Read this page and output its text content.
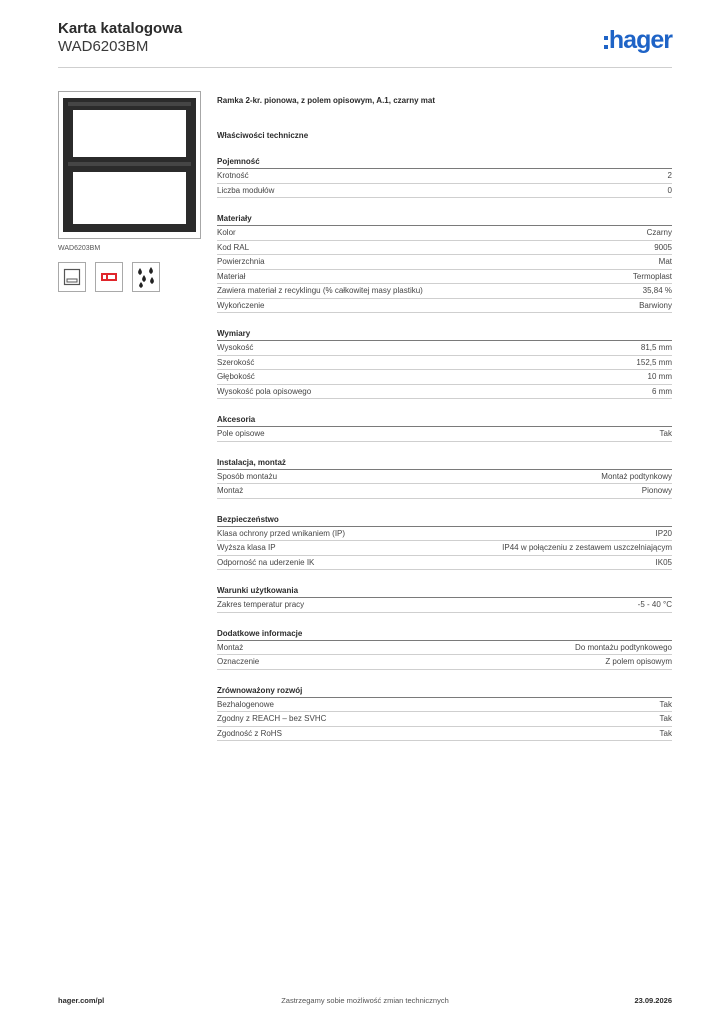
Karta katalogowa
WAD6203BM	hager
WAD6203BM
Ramka 2-kr. pionowa, z polem opisowym, A.1, czarny mat
Właściwości techniczne
Pojemność
Krotność	2
Liczba modułów	0
Materiały
Kolor	Czarny
Kod RAL	9005
Powierzchnia	Mat
Materiał	Termoplast
Zawiera materiał z recyklingu (% całkowitej masy plastiku)	35,84 %
Wykończenie	Barwiony
Wymiary
Wysokość	81,5 mm
Szerokość	152,5 mm
Głębokość	10 mm
Wysokość pola opisowego	6 mm
Akcesoria
Pole opisowe	Tak
Instalacja, montaż
Sposób montażu	Montaż podtynkowy
Montaż	Pionowy
Bezpieczeństwo
Klasa ochrony przed wnikaniem (IP)	IP20
Wyższa klasa IP	IP44 w połączeniu z zestawem uszczelniającym
Odporność na uderzenie IK	IK05
Warunki użytkowania
Zakres temperatur pracy	-5 - 40 °C
Dodatkowe informacje
Montaż	Do montażu podtynkowego
Oznaczenie	Z polem opisowym
Zrównoważony rozwój
Bezhalogenowe	Tak
Zgodny z REACH – bez SVHC	Tak
Zgodność z RoHS	Tak
hager.com/pl	Zastrzegamy sobie możliwość zmian technicznych	23.09.2026
